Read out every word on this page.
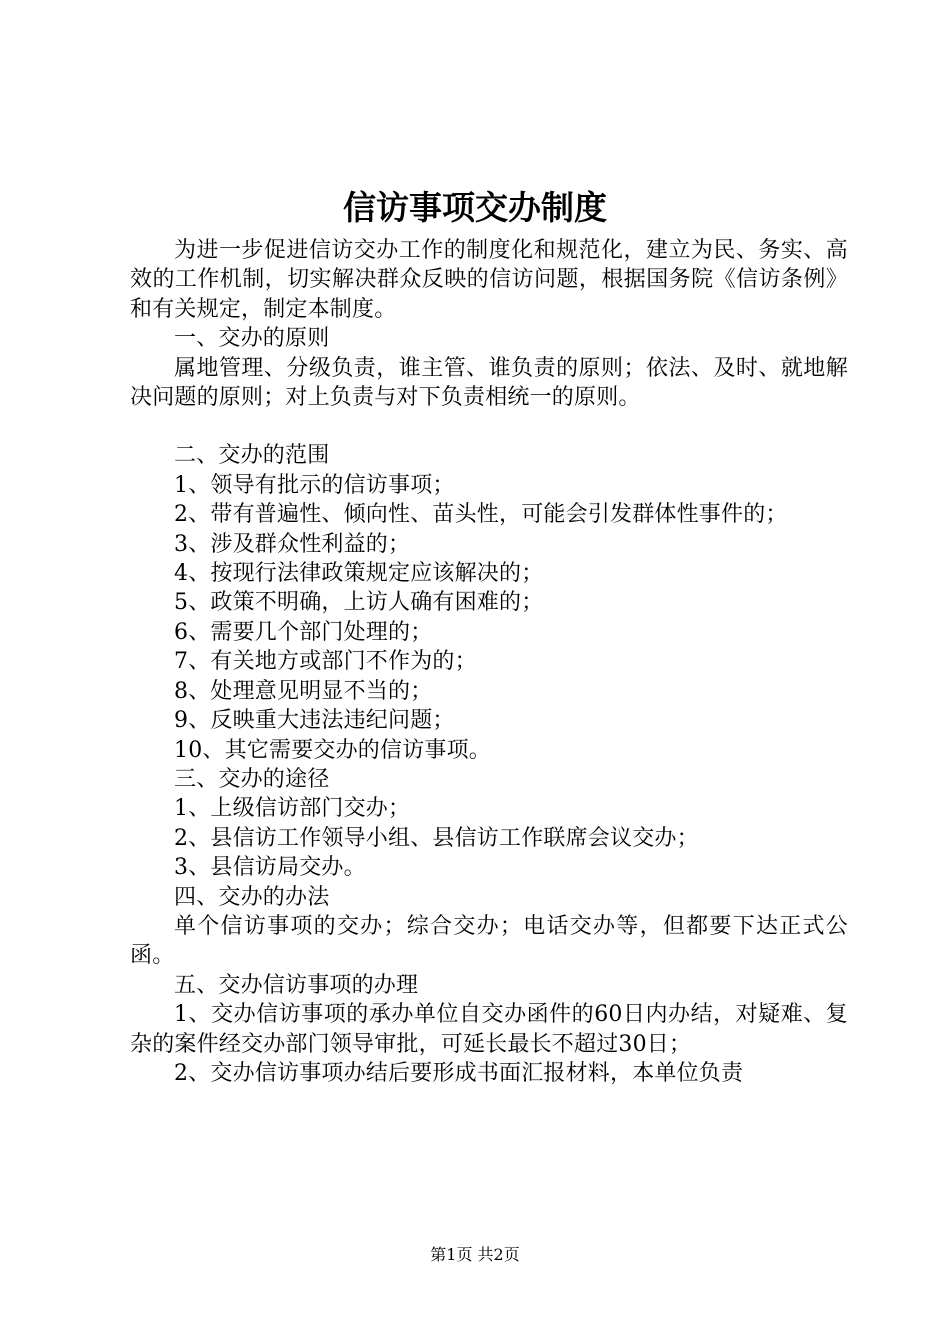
信访事项交办制度

为进一步促进信访交办工作的制度化和规范化，建立为民、务实、高效的工作机制，切实解决群众反映的信访问题，根据国务院《信访条例》和有关规定，制定本制度。

一、交办的原则

属地管理、分级负责，谁主管、谁负责的原则；依法、及时、就地解决问题的原则；对上负责与对下负责相统一的原则。

二、交办的范围

1、领导有批示的信访事项；

2、带有普遍性、倾向性、苗头性，可能会引发群体性事件的；

3、涉及群众性利益的；

4、按现行法律政策规定应该解决的；

5、政策不明确，上访人确有困难的；

6、需要几个部门处理的；

7、有关地方或部门不作为的；

8、处理意见明显不当的；

9、反映重大违法违纪问题；

10、其它需要交办的信访事项。

三、交办的途径

1、上级信访部门交办；

2、县信访工作领导小组、县信访工作联席会议交办；

3、县信访局交办。

四、交办的办法

单个信访事项的交办；综合交办；电话交办等，但都要下达正式公函。

五、交办信访事项的办理

1、交办信访事项的承办单位自交办函件的60日内办结，对疑难、复杂的案件经交办部门领导审批，可延长最长不超过30日；

2、交办信访事项办结后要形成书面汇报材料，本单位负责

第1页 共2页
